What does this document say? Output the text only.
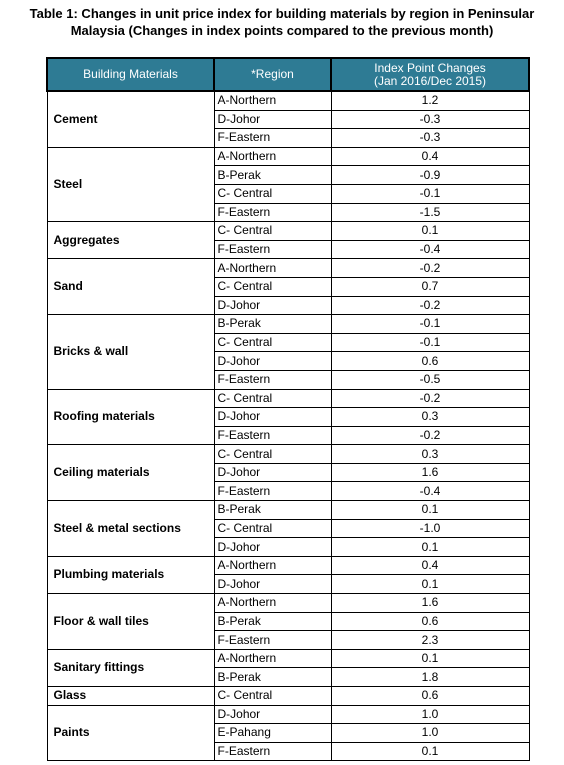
Table 1: Changes in unit price index for building materials by region in Peninsular
Malaysia (Changes in index points compared to the previous month)
Building Materials	*Region	Index Point Changes
(Jan 2016/Dec 2015)

Cement	A-Northern	1.2
	D-Johor	-0.3
	F-Eastern	-0.3
Steel	A-Northern	0.4
	B-Perak	-0.9
	C- Central	-0.1
	F-Eastern	-1.5
Aggregates	C- Central	0.1
	F-Eastern	-0.4
Sand	A-Northern	-0.2
	C- Central	0.7
	D-Johor	-0.2
Bricks & wall	B-Perak	-0.1
	C- Central	-0.1
	D-Johor	0.6
	F-Eastern	-0.5
Roofing materials	C- Central	-0.2
	D-Johor	0.3
	F-Eastern	-0.2
Ceiling materials	C- Central	0.3
	D-Johor	1.6
	F-Eastern	-0.4
Steel & metal sections	B-Perak	0.1
	C- Central	-1.0
	D-Johor	0.1
Plumbing materials	A-Northern	0.4
	D-Johor	0.1
Floor & wall tiles	A-Northern	1.6
	B-Perak	0.6
	F-Eastern	2.3
Sanitary fittings	A-Northern	0.1
	B-Perak	1.8
Glass	C- Central	0.6
Paints	D-Johor	1.0
	E-Pahang	1.0
	F-Eastern	0.1
